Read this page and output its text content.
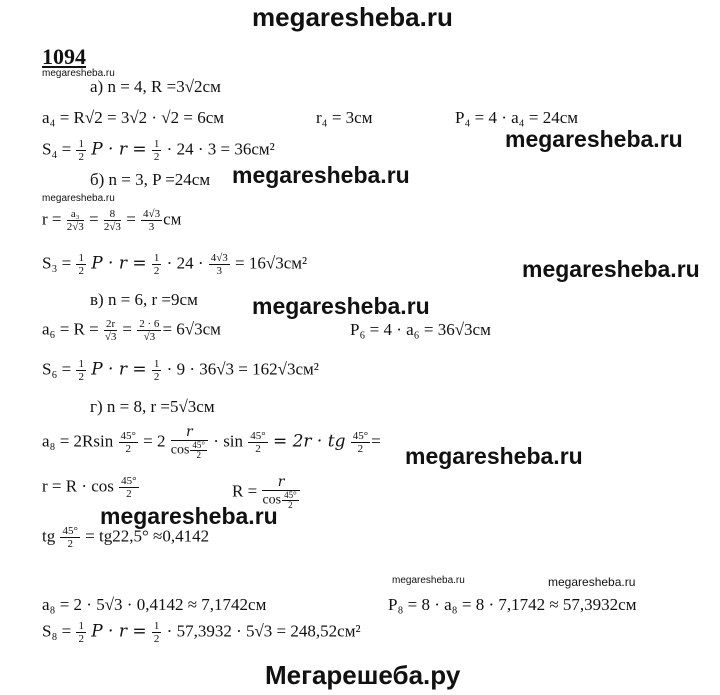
megaresheba.ru
1094
megaresheba.ru
а) n = 4, R =3√2см
a₄ = R√2 = 3√2 · √2 = 6см	r₄ = 3см	P₄ = 4 · a₄ = 24см
$S_4 = \frac{1}{2}$ $P \cdot r = \frac{1}{2} \cdot 24 \cdot 3 = 36см^2$	megaresheba.ru
б) n = 3, P =24см megaresheba.ru
megaresheba.ru
$r = \frac{\text{a₃}}{2√3} = \frac{8}{2√3} = \frac{4√3}{3}$ см
$S_3 = \frac{1}{2}$ $P \cdot r = \frac{1}{2} \cdot 24 \cdot \frac{4√3}{3} = 16√3см^2$	megaresheba.ru
в) n = 6, r =9см megaresheba.ru
$a_6 = R = \frac{2r}{√3} = \frac{2 \cdot 6}{√3} = 6√3см$	P₆ = 4 · a₆ = 36√3см
$S_6 = \frac{1}{2}$ $P \cdot r = \frac{1}{2} \cdot 9 \cdot 36√3 = 162√3см^2$
г) n = 8, r =5√3см
$a_8 = 2Rsin \frac{45^\circ}{2} = 2 \frac{r}{\cos \frac{45^\circ}{2}} \cdot \sin \frac{45^\circ}{2} = 2r$ · tg $\frac{45^\circ}{2}$ =
megaresheba.ru
$r = R \cdot \cos \frac{45^\circ}{2}$	$R = \frac{r}{\cos \frac{45^\circ}{2}}$
megaresheba.ru
tg $\frac{45^\circ}{2} = tg22,5^\circ \approx 0,4142$
megaresheba.ru	megaresheba.ru
a₈ = 2 · 5√3 · 0,4142 ≈ 7,1742см	P₈ = 8 · a₈ = 8 · 7,1742 ≈ 57,3932см
$S_8 = \frac{1}{2}$ $P \cdot r = \frac{1}{2} \cdot 57,3932 \cdot 5√3 = 248,52см^2$
Мегарешеба.ру
